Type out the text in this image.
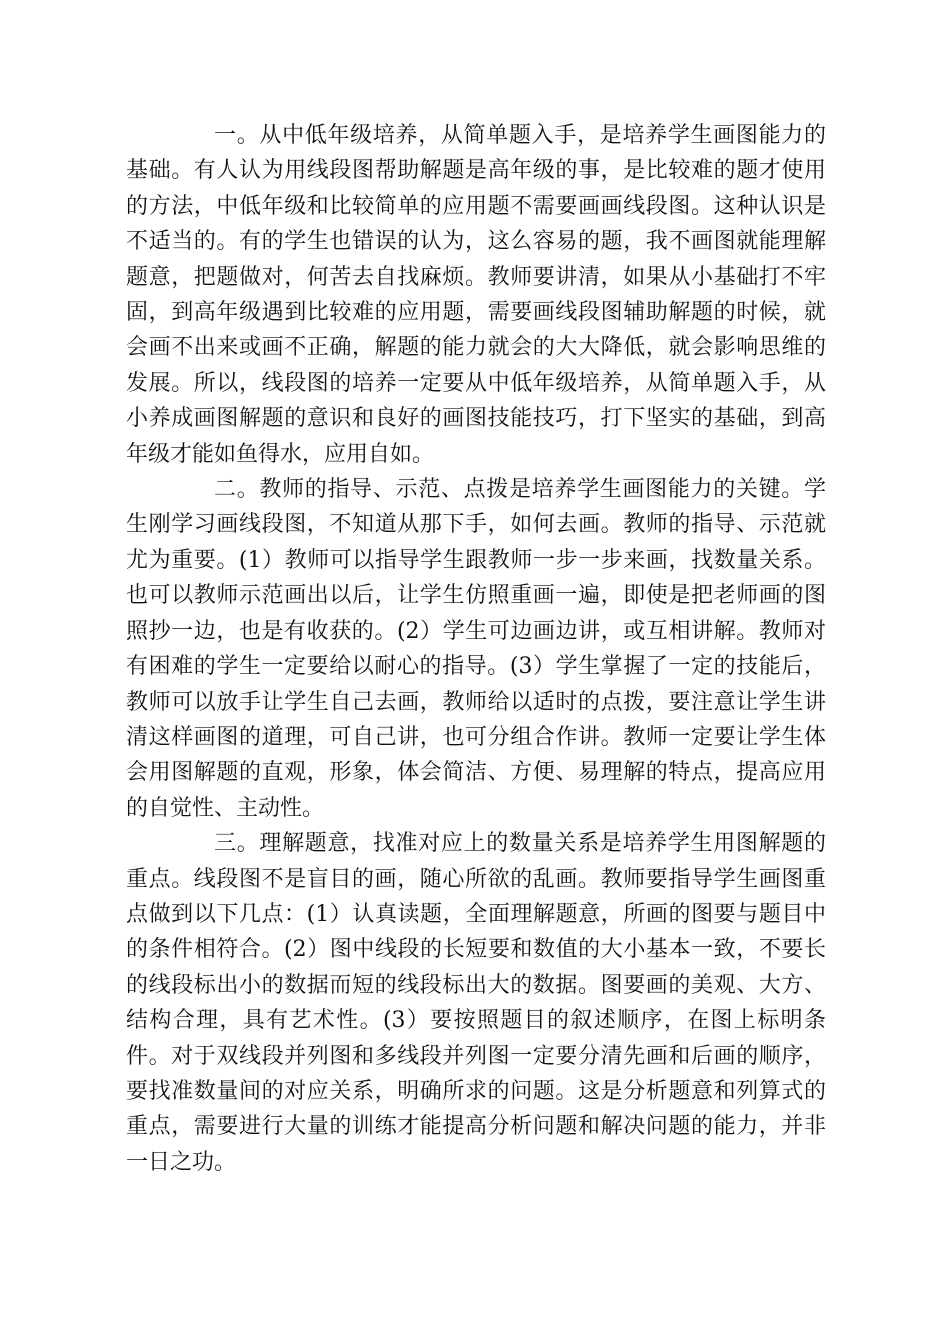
一。从中低年级培养，从简单题入手，是培养学生画图能力的基础。有人认为用线段图帮助解题是高年级的事，是比较难的题才使用的方法，中低年级和比较简单的应用题不需要画画线段图。这种认识是不适当的。有的学生也错误的认为，这么容易的题，我不画图就能理解题意，把题做对，何苦去自找麻烦。教师要讲清，如果从小基础打不牢固，到高年级遇到比较难的应用题，需要画线段图辅助解题的时候，就会画不出来或画不正确，解题的能力就会的大大降低，就会影响思维的发展。所以，线段图的培养一定要从中低年级培养，从简单题入手，从小养成画图解题的意识和良好的画图技能技巧，打下坚实的基础，到高年级才能如鱼得水，应用自如。

二。教师的指导、示范、点拨是培养学生画图能力的关键。学生刚学习画线段图，不知道从那下手，如何去画。教师的指导、示范就尤为重要。(1）教师可以指导学生跟教师一步一步来画，找数量关系。也可以教师示范画出以后，让学生仿照重画一遍，即使是把老师画的图照抄一边，也是有收获的。(2）学生可边画边讲，或互相讲解。教师对有困难的学生一定要给以耐心的指导。(3）学生掌握了一定的技能后，教师可以放手让学生自己去画，教师给以适时的点拨，要注意让学生讲清这样画图的道理，可自己讲，也可分组合作讲。教师一定要让学生体会用图解题的直观，形象，体会简洁、方便、易理解的特点，提高应用的自觉性、主动性。

三。理解题意，找准对应上的数量关系是培养学生用图解题的重点。线段图不是盲目的画，随心所欲的乱画。教师要指导学生画图重点做到以下几点：(1）认真读题，全面理解题意，所画的图要与题目中的条件相符合。(2）图中线段的长短要和数值的大小基本一致，不要长的线段标出小的数据而短的线段标出大的数据。图要画的美观、大方、结构合理，具有艺术性。(3）要按照题目的叙述顺序，在图上标明条件。对于双线段并列图和多线段并列图一定要分清先画和后画的顺序，要找准数量间的对应关系，明确所求的问题。这是分析题意和列算式的重点，需要进行大量的训练才能提高分析问题和解决问题的能力，并非一日之功。
